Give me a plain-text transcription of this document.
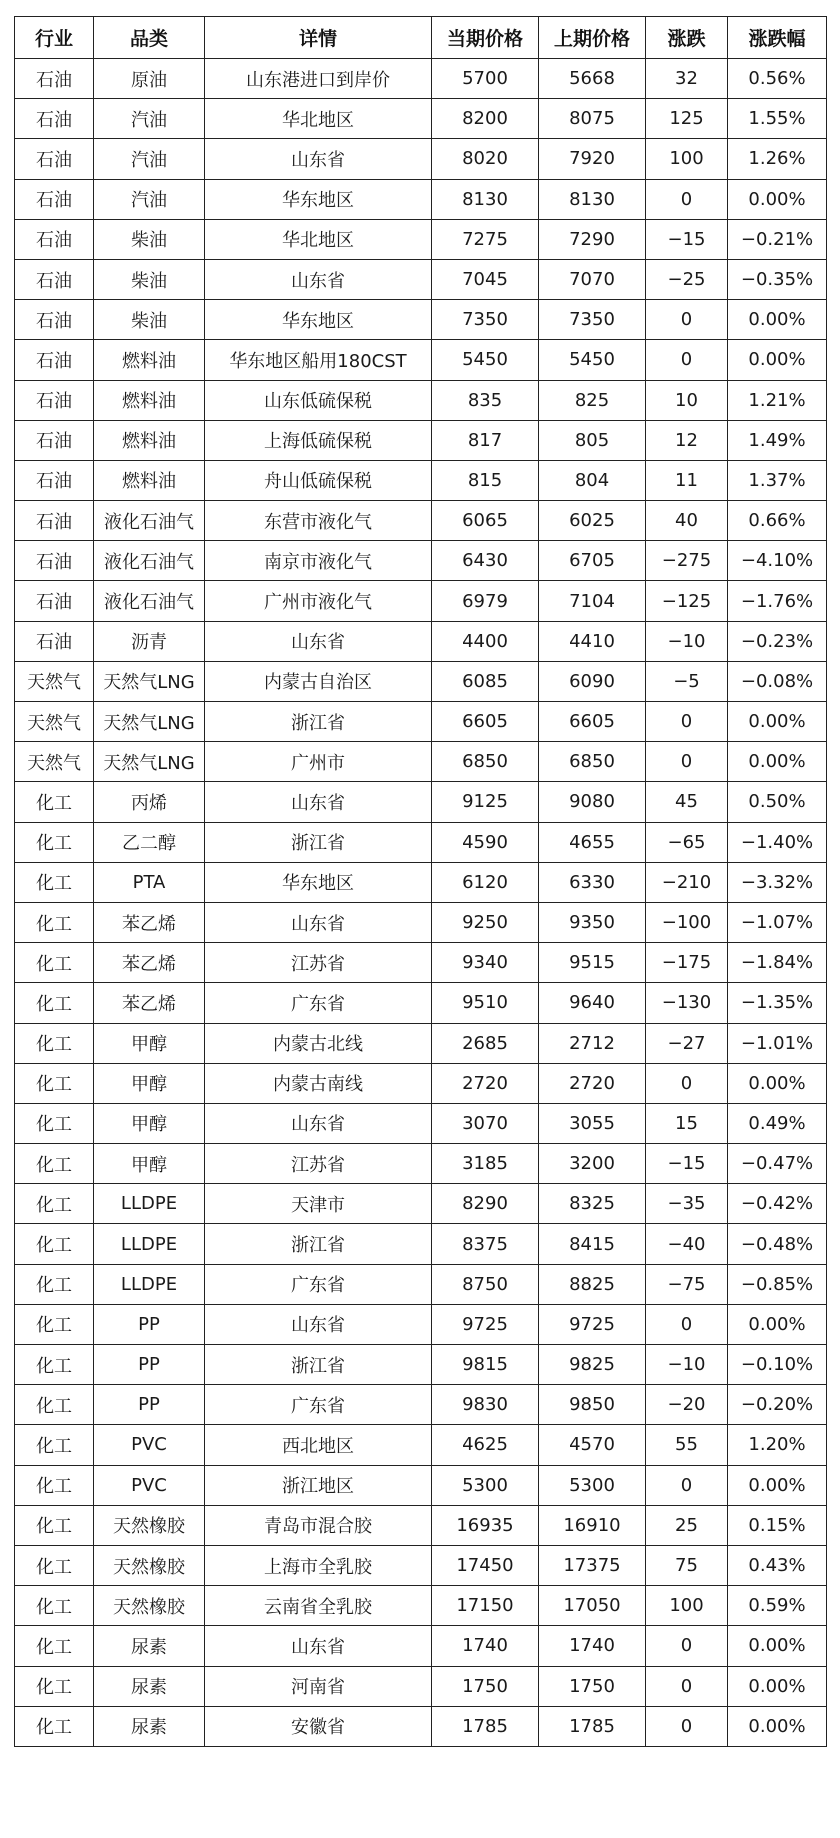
行业	品类	详情	当期价格	上期价格	涨跌	涨跌幅
石油	原油	山东港进口到岸价	5700	5668	32	0.56%
石油	汽油	华北地区	8200	8075	125	1.55%
石油	汽油	山东省	8020	7920	100	1.26%
石油	汽油	华东地区	8130	8130	0	0.00%
石油	柴油	华北地区	7275	7290	−15	−0.21%
石油	柴油	山东省	7045	7070	−25	−0.35%
石油	柴油	华东地区	7350	7350	0	0.00%
石油	燃料油	华东地区船用180CST	5450	5450	0	0.00%
石油	燃料油	山东低硫保税	835	825	10	1.21%
石油	燃料油	上海低硫保税	817	805	12	1.49%
石油	燃料油	舟山低硫保税	815	804	11	1.37%
石油	液化石油气	东营市液化气	6065	6025	40	0.66%
石油	液化石油气	南京市液化气	6430	6705	−275	−4.10%
石油	液化石油气	广州市液化气	6979	7104	−125	−1.76%
石油	沥青	山东省	4400	4410	−10	−0.23%
天然气	天然气LNG	内蒙古自治区	6085	6090	−5	−0.08%
天然气	天然气LNG	浙江省	6605	6605	0	0.00%
天然气	天然气LNG	广州市	6850	6850	0	0.00%
化工	丙烯	山东省	9125	9080	45	0.50%
化工	乙二醇	浙江省	4590	4655	−65	−1.40%
化工	PTA	华东地区	6120	6330	−210	−3.32%
化工	苯乙烯	山东省	9250	9350	−100	−1.07%
化工	苯乙烯	江苏省	9340	9515	−175	−1.84%
化工	苯乙烯	广东省	9510	9640	−130	−1.35%
化工	甲醇	内蒙古北线	2685	2712	−27	−1.01%
化工	甲醇	内蒙古南线	2720	2720	0	0.00%
化工	甲醇	山东省	3070	3055	15	0.49%
化工	甲醇	江苏省	3185	3200	−15	−0.47%
化工	LLDPE	天津市	8290	8325	−35	−0.42%
化工	LLDPE	浙江省	8375	8415	−40	−0.48%
化工	LLDPE	广东省	8750	8825	−75	−0.85%
化工	PP	山东省	9725	9725	0	0.00%
化工	PP	浙江省	9815	9825	−10	−0.10%
化工	PP	广东省	9830	9850	−20	−0.20%
化工	PVC	西北地区	4625	4570	55	1.20%
化工	PVC	浙江地区	5300	5300	0	0.00%
化工	天然橡胶	青岛市混合胶	16935	16910	25	0.15%
化工	天然橡胶	上海市全乳胶	17450	17375	75	0.43%
化工	天然橡胶	云南省全乳胶	17150	17050	100	0.59%
化工	尿素	山东省	1740	1740	0	0.00%
化工	尿素	河南省	1750	1750	0	0.00%
化工	尿素	安徽省	1785	1785	0	0.00%
